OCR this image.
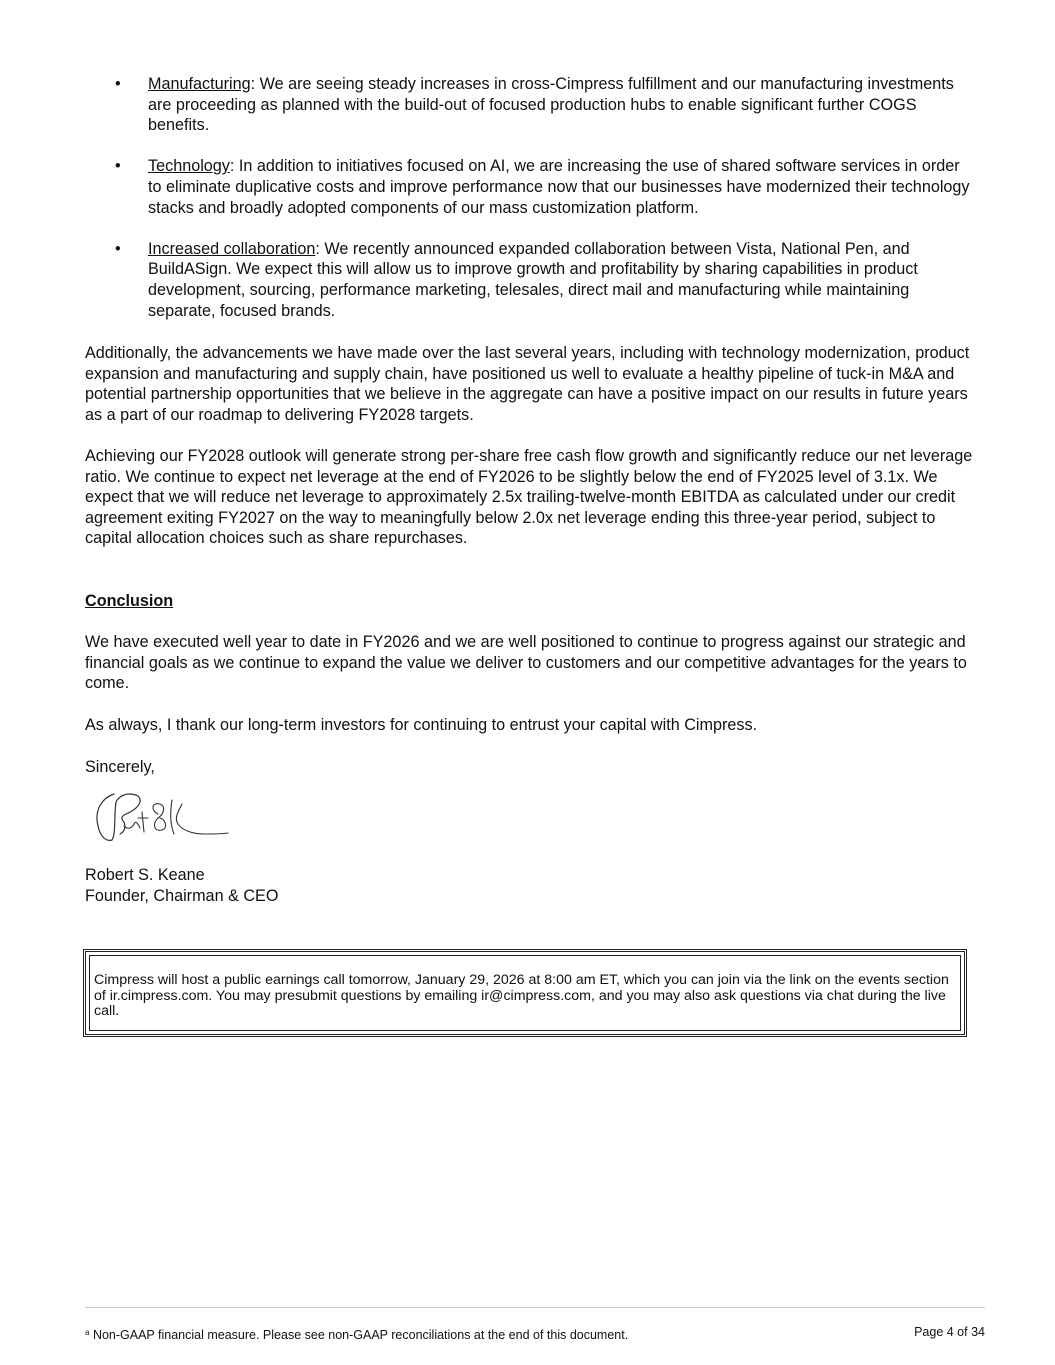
• Manufacturing: We are seeing steady increases in cross-Cimpress fulfillment and our manufacturing investments are proceeding as planned with the build-out of focused production hubs to enable significant further COGS benefits.
• Technology: In addition to initiatives focused on AI, we are increasing the use of shared software services in order to eliminate duplicative costs and improve performance now that our businesses have modernized their technology stacks and broadly adopted components of our mass customization platform.
• Increased collaboration: We recently announced expanded collaboration between Vista, National Pen, and BuildASign. We expect this will allow us to improve growth and profitability by sharing capabilities in product development, sourcing, performance marketing, telesales, direct mail and manufacturing while maintaining separate, focused brands.

Additionally, the advancements we have made over the last several years, including with technology modernization, product expansion and manufacturing and supply chain, have positioned us well to evaluate a healthy pipeline of tuck-in M&A and potential partnership opportunities that we believe in the aggregate can have a positive impact on our results in future years as a part of our roadmap to delivering FY2028 targets.

Achieving our FY2028 outlook will generate strong per-share free cash flow growth and significantly reduce our net leverage ratio. We continue to expect net leverage at the end of FY2026 to be slightly below the end of FY2025 level of 3.1x. We expect that we will reduce net leverage to approximately 2.5x trailing-twelve-month EBITDA as calculated under our credit agreement exiting FY2027 on the way to meaningfully below 2.0x net leverage ending this three-year period, subject to capital allocation choices such as share repurchases.

Conclusion

We have executed well year to date in FY2026 and we are well positioned to continue to progress against our strategic and financial goals as we continue to expand the value we deliver to customers and our competitive advantages for the years to come.

As always, I thank our long-term investors for continuing to entrust your capital with Cimpress.

Sincerely,

Robert S. Keane

Founder, Chairman & CEO

Cimpress will host a public earnings call tomorrow, January 29, 2026 at 8:00 am ET, which you can join via the link on the events section of ir.cimpress.com. You may presubmit questions by emailing ir@cimpress.com, and you may also ask questions via chat during the live call.

$^a$ Non-GAAP financial measure. Please see non-GAAP reconciliations at the end of this document.	Page 4 of 34
